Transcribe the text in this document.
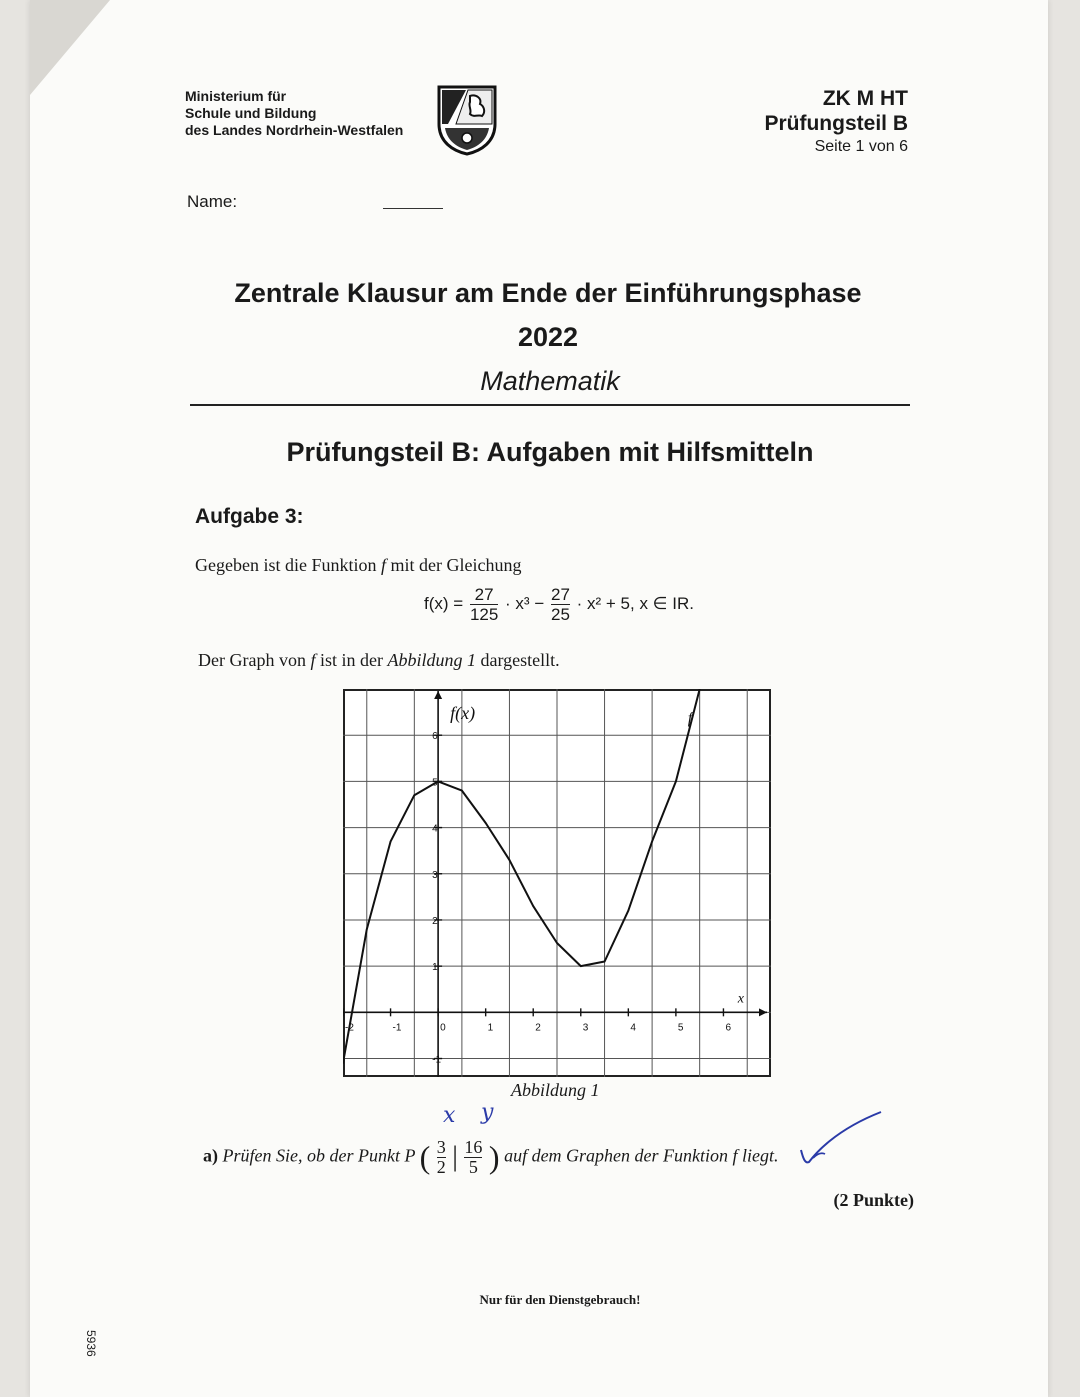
Ministerium für
Schule und Bildung
des Landes Nordrhein-Westfalen
ZK M HT
Prüfungsteil B
Seite 1 von 6
Name:
Zentrale Klausur am Ende der Einführungsphase
2022
Mathematik
Prüfungsteil B: Aufgaben mit Hilfsmitteln
Aufgabe 3:
Gegeben ist die Funktion f mit der Gleichung
$f(x) = \frac{27}{125} \cdot x^3 - \frac{27}{25} \cdot x^2 + 5$, x ∈ IR.
Der Graph von f ist in der Abbildung 1 dargestellt.
-2	-1	0	1	2	3	4	5	6
-1
1
2
3
4
5
6
f(x)
x
f
Abbildung 1
a) Prüfen Sie, ob der Punkt P ( $\frac{3}{2}$ | $\frac{16}{5}$ ) auf dem Graphen der Funktion f liegt.
x y
(2 Punkte)
Nur für den Dienstgebrauch!
5936
